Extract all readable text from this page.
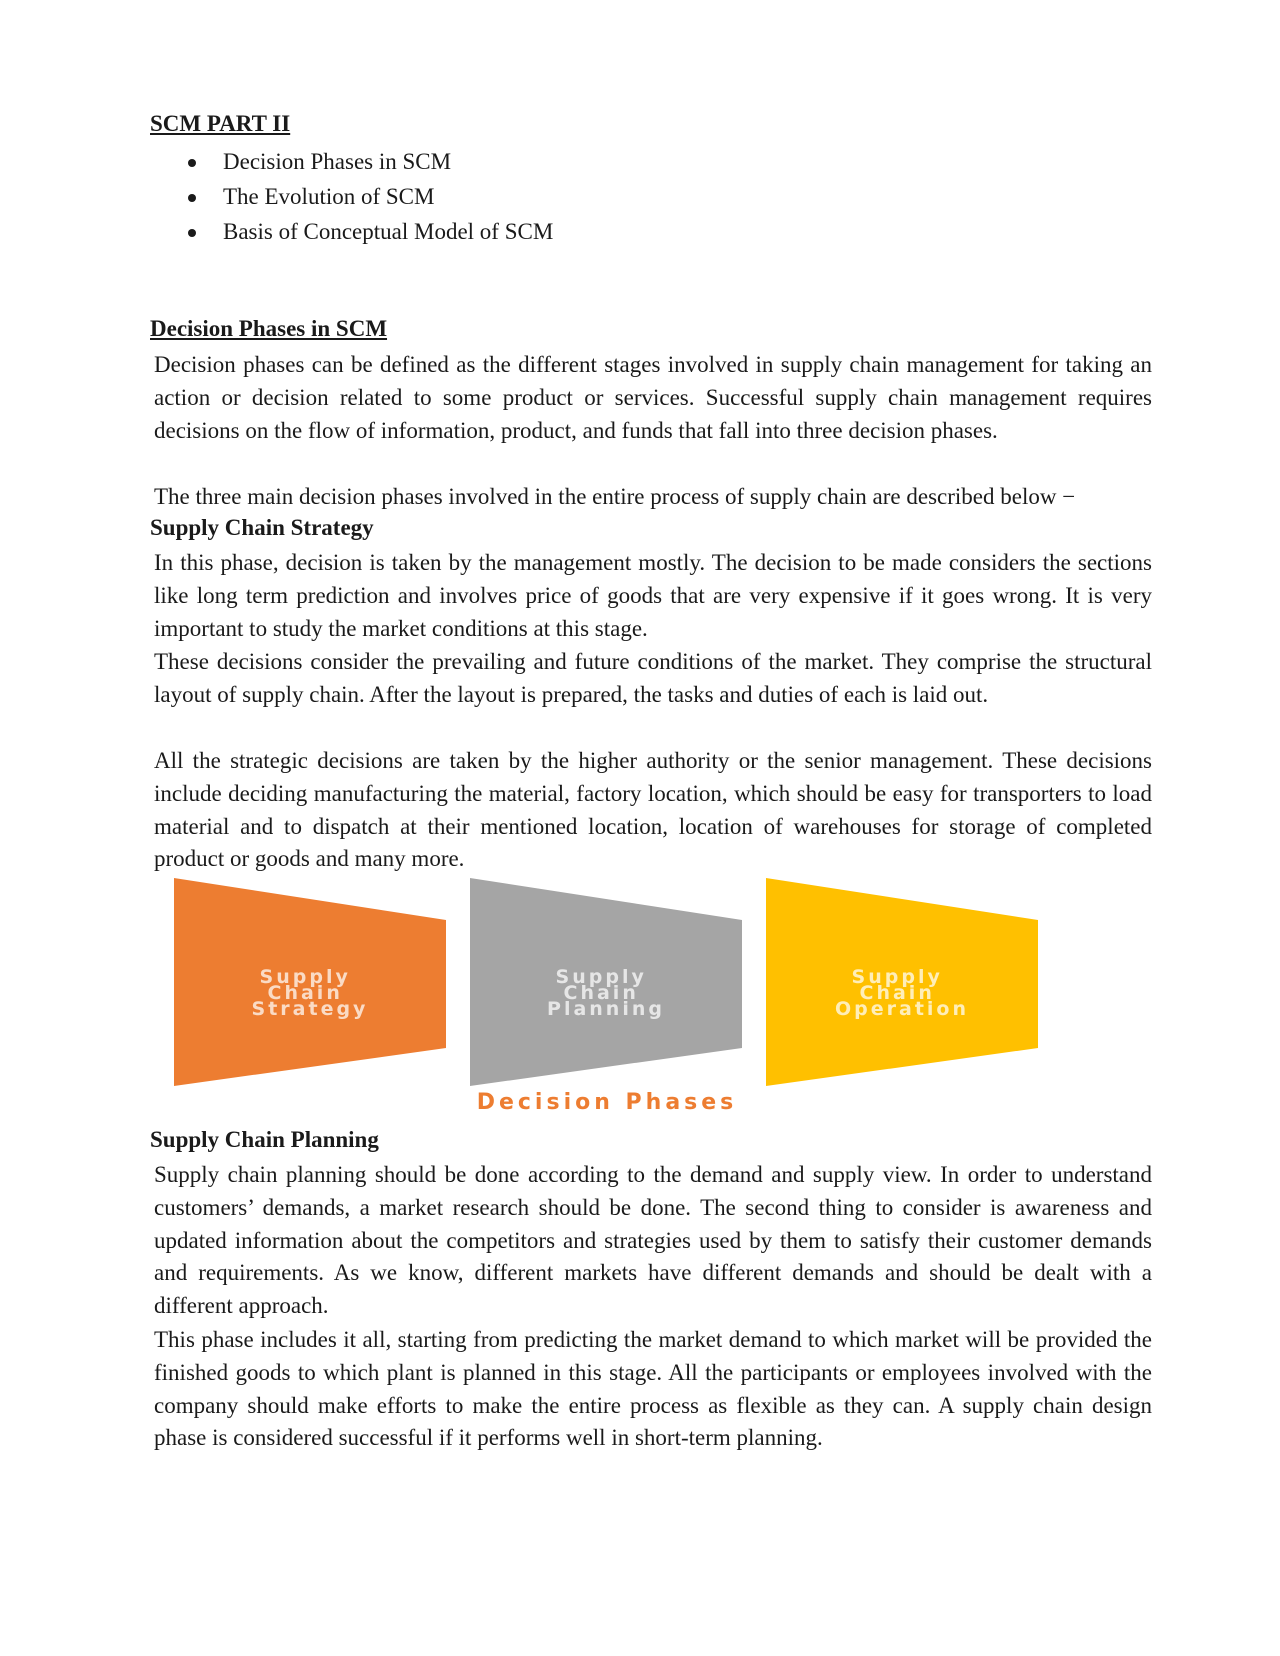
SCM PART II
Decision Phases in SCM
The Evolution of SCM
Basis of Conceptual Model of SCM
Decision Phases in SCM

Decision phases can be defined as the different stages involved in supply chain management for taking an action or decision related to some product or services. Successful supply chain management requires decisions on the flow of information, product, and funds that fall into three decision phases.

The three main decision phases involved in the entire process of supply chain are described below −

Supply Chain Strategy

In this phase, decision is taken by the management mostly. The decision to be made considers the sections like long term prediction and involves price of goods that are very expensive if it goes wrong. It is very important to study the market conditions at this stage.

These decisions consider the prevailing and future conditions of the market. They comprise the structural layout of supply chain. After the layout is prepared, the tasks and duties of each is laid out.

All the strategic decisions are taken by the higher authority or the senior management. These decisions include deciding manufacturing the material, factory location, which should be easy for transporters to load material and to dispatch at their mentioned location, location of warehouses for storage of completed product or goods and many more.

Supply Chain Strategy
Supply Chain Planning
Supply Chain Operation
Decision Phases
Supply Chain Planning

Supply chain planning should be done according to the demand and supply view. In order to understand customers’ demands, a market research should be done. The second thing to consider is awareness and updated information about the competitors and strategies used by them to satisfy their customer demands and requirements. As we know, different markets have different demands and should be dealt with a different approach.

This phase includes it all, starting from predicting the market demand to which market will be provided the finished goods to which plant is planned in this stage. All the participants or employees involved with the company should make efforts to make the entire process as flexible as they can. A supply chain design phase is considered successful if it performs well in short-term planning.
